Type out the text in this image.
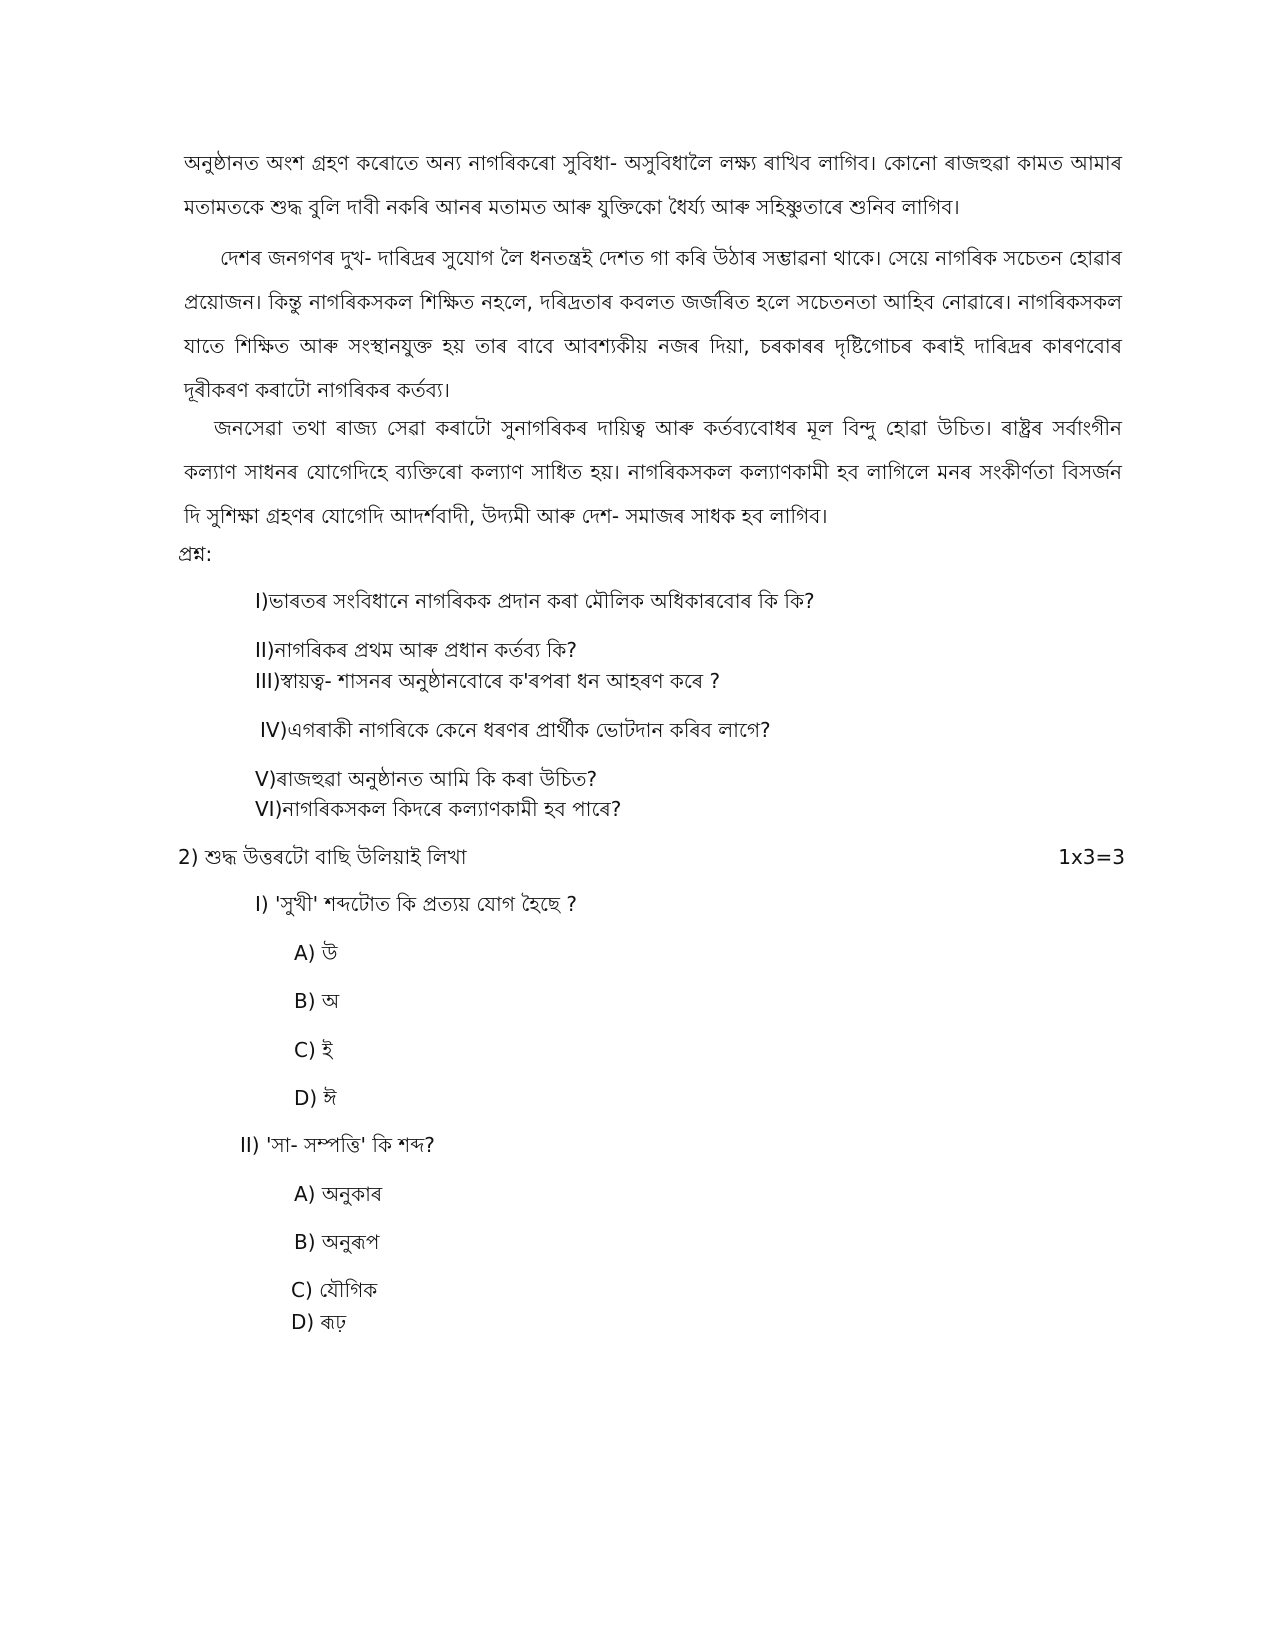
অনুষ্ঠানত অংশ গ্ৰহণ কৰোতে অন্য নাগৰিকৰো সুবিধা- অসুবিধালৈ লক্ষ্য ৰাখিব লাগিব। কোনো ৰাজহুৱা কামত আমাৰ মতামতকে শুদ্ধ বুলি দাবী নকৰি আনৰ মতামত আৰু যুক্তিকো ধৈৰ্য্য আৰু সহিষ্ণুতাৰে শুনিব লাগিব।

দেশৰ জনগণৰ দুখ- দাৰিদ্ৰৰ সুযোগ লৈ ধনতন্ত্ৰই দেশত গা কৰি উঠাৰ সম্ভাৱনা থাকে। সেয়ে নাগৰিক সচেতন হোৱাৰ প্ৰয়োজন। কিন্তু নাগৰিকসকল শিক্ষিত নহলে, দৰিদ্ৰতাৰ কবলত জৰ্জৰিত হলে সচেতনতা আহিব নোৱাৰে। নাগৰিকসকল যাতে শিক্ষিত আৰু সংস্থানযুক্ত হয় তাৰ বাবে আবশ্যকীয় নজৰ দিয়া, চৰকাৰৰ দৃষ্টিগোচৰ কৰাই দাৰিদ্ৰৰ কাৰণবোৰ দূৰীকৰণ কৰাটো নাগৰিকৰ কৰ্তব্য।

জনসেৱা তথা ৰাজ্য সেৱা কৰাটো সুনাগৰিকৰ দায়িত্ব আৰু কৰ্তব্যবোধৰ মূল বিন্দু হোৱা উচিত। ৰাষ্ট্ৰৰ সৰ্বাংগীন কল্যাণ সাধনৰ যোগেদিহে ব্যক্তিৰো কল্যাণ সাধিত হয়। নাগৰিকসকল কল্যাণকামী হব লাগিলে মনৰ সংকীৰ্ণতা বিসৰ্জন দি সুশিক্ষা গ্ৰহণৰ যোগেদি আদৰ্শবাদী, উদ্যমী আৰু দেশ- সমাজৰ সাধক হব লাগিব।

প্ৰশ্ন:
I)ভাৰতৰ সংবিধানে নাগৰিকক প্ৰদান কৰা মৌলিক অধিকাৰবোৰ কি কি?
II)নাগৰিকৰ প্ৰথম আৰু প্ৰধান কৰ্তব্য কি?
III)স্বায়ত্ব- শাসনৰ অনুষ্ঠানবোৰে ক'ৰপৰা ধন আহৰণ কৰে ?
IV)এগৰাকী নাগৰিকে কেনে ধৰণৰ প্ৰাৰ্থীক ভোটদান কৰিব লাগে?
V)ৰাজহুৱা অনুষ্ঠানত আমি কি কৰা উচিত?
VI)নাগৰিকসকল কিদৰে কল্যাণকামী হব পাৰে?
2) শুদ্ধ উত্তৰটো বাছি উলিয়াই লিখা	1x3=3
I) 'সুখী' শব্দটোত কি প্ৰত্যয় যোগ হৈছে ?
A) উ
B) অ
C) ই
D) ঈ
II) 'সা- সম্পত্তি' কি শব্দ?
A) অনুকাৰ
B) অনুৰূপ
C) যৌগিক
D) ৰূঢ়
